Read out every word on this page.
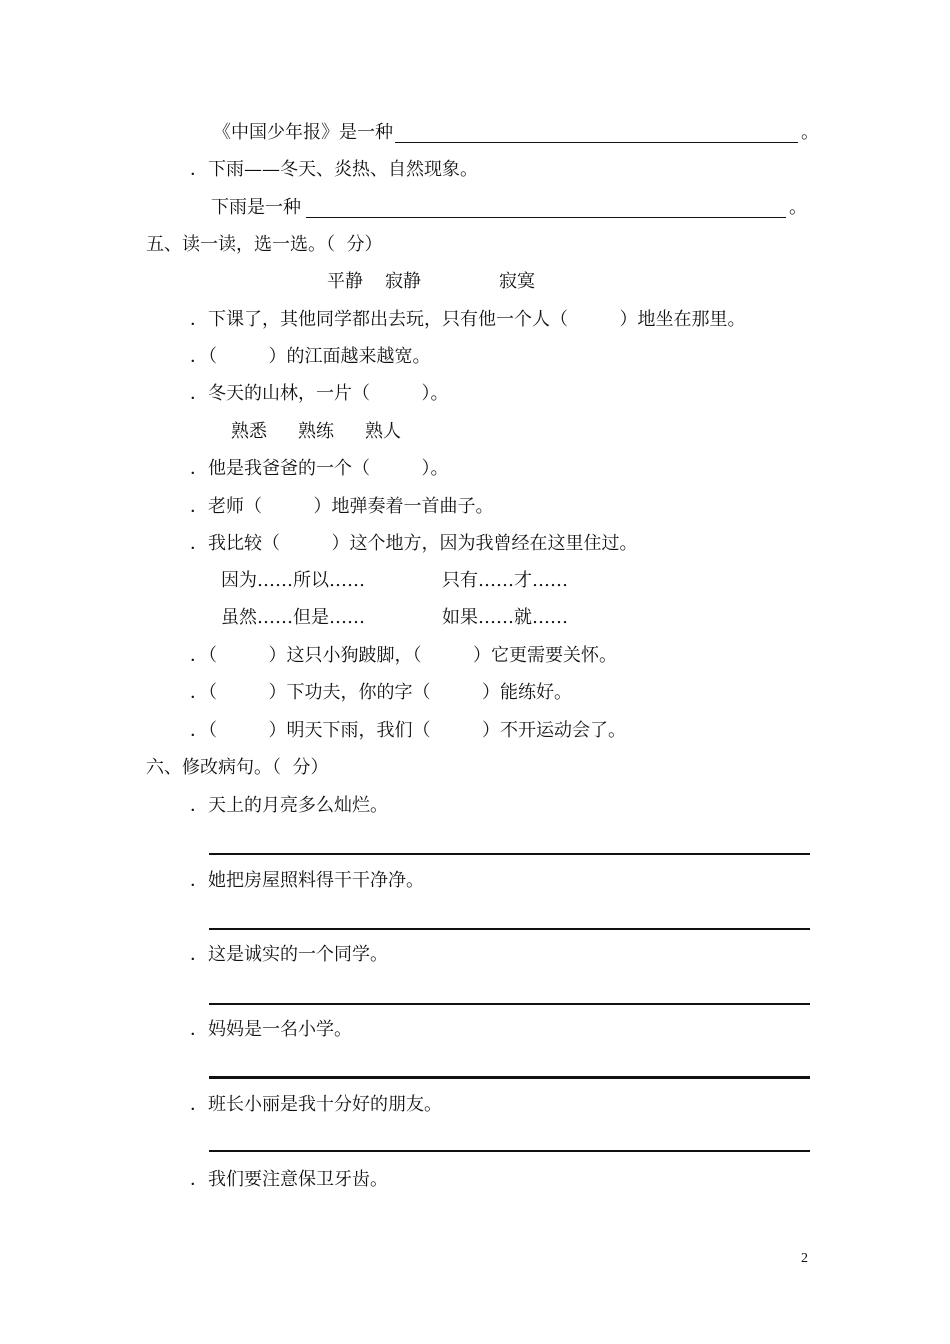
《中国少年报》是一种	。
．下雨——冬天、炎热、自然现象。
下雨是一种	。
五、读一读，选一选。（  分）
平静 寂静	寂寞
．下课了，其他同学都出去玩，只有他一个人（         ）地坐在那里。
．（         ）的江面越来越宽。
．冬天的山林，一片（         ）。
熟悉 熟练 熟人
．他是我爸爸的一个（         ）。
．老师（         ）地弹奏着一首曲子。
．我比较（         ）这个地方，因为我曾经在这里住过。
因为……所以……	只有……才……
虽然……但是……	如果……就……
．（         ）这只小狗跛脚，（         ）它更需要关怀。
．（         ）下功夫，你的字（         ）能练好。
．（         ）明天下雨，我们（         ）不开运动会了。
六、修改病句。（  分）
．天上的月亮多么灿烂。
．她把房屋照料得干干净净。
．这是诚实的一个同学。
．妈妈是一名小学。
．班长小丽是我十分好的朋友。
．我们要注意保卫牙齿。
2
